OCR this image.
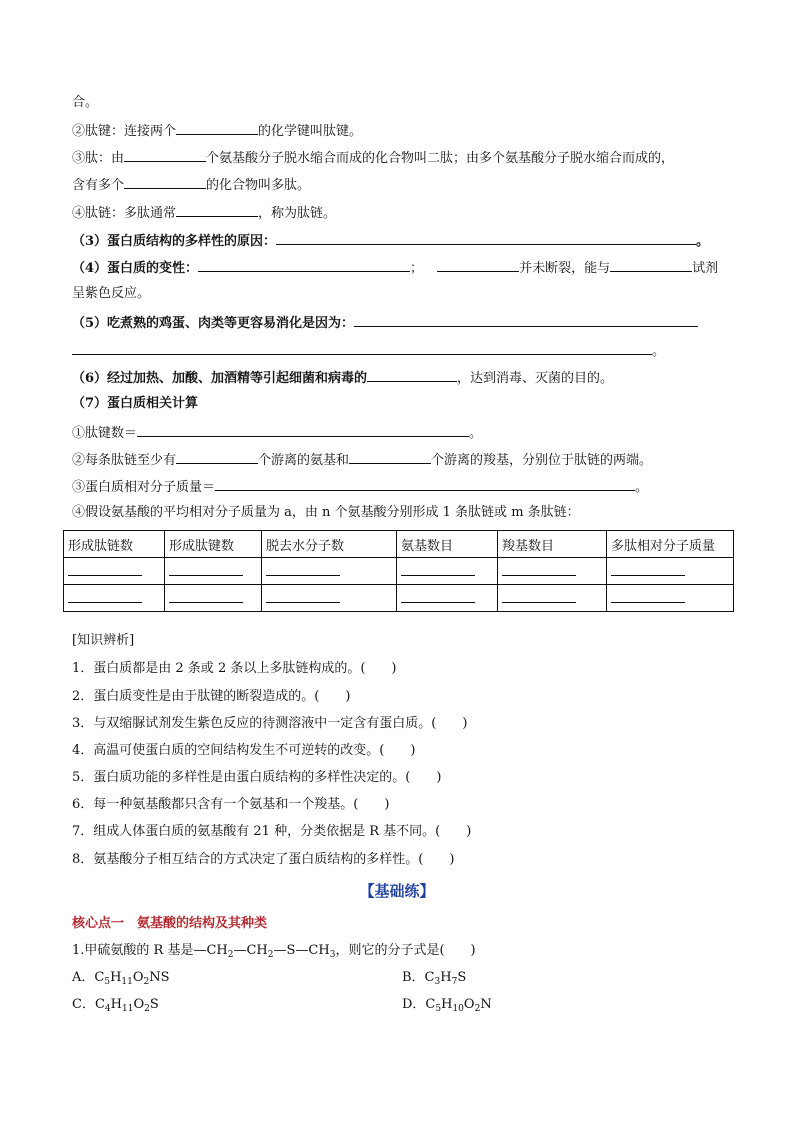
合。
②肽键：连接两个	的化学键叫肽键。
③肽：由	个氨基酸分子脱水缩合而成的化合物叫二肽；由多个氨基酸分子脱水缩合而成的，
含有多个	的化合物叫多肽。
④肽链：多肽通常	，称为肽链。
（3）蛋白质结构的多样性的原因：	。
（4）蛋白质的变性：	；	并未断裂，能与	试剂
呈紫色反应。
（5）吃煮熟的鸡蛋、肉类等更容易消化是因为：
。
（6）经过加热、加酸、加酒精等引起细菌和病毒的	，达到消毒、灭菌的目的。
（7）蛋白质相关计算
①肽键数＝	。
②每条肽链至少有	个游离的氨基和	个游离的羧基，分别位于肽链的两端。
③蛋白质相对分子质量＝	。
④假设氨基酸的平均相对分子质量为 a，由 n 个氨基酸分别形成 1 条肽链或 m 条肽链：
形成肽链数	形成肽键数	脱去水分子数	氨基数目	羧基数目	多肽相对分子质量

[知识辨析]
1．蛋白质都是由 2 条或 2 条以上多肽链构成的。(　　)
2．蛋白质变性是由于肽键的断裂造成的。(　　)
3．与双缩脲试剂发生紫色反应的待测溶液中一定含有蛋白质。(　　)
4．高温可使蛋白质的空间结构发生不可逆转的改变。(　　)
5．蛋白质功能的多样性是由蛋白质结构的多样性决定的。(　　)
6．每一种氨基酸都只含有一个氨基和一个羧基。(　　)
7．组成人体蛋白质的氨基酸有 21 种，分类依据是 R 基不同。(　　)
8．氨基酸分子相互结合的方式决定了蛋白质结构的多样性。(　　)
【基础练】
核心点一　氨基酸的结构及其种类
1.甲硫氨酸的 R 基是$—CH_2—CH_2—S—CH_3$，则它的分子式是(　　)
A．$C_5H_{11}O_2NS$	B．$C_3H_7S$
C．$C_4H_{11}O_2S$	D．$C_5H_{10}O_2N$
